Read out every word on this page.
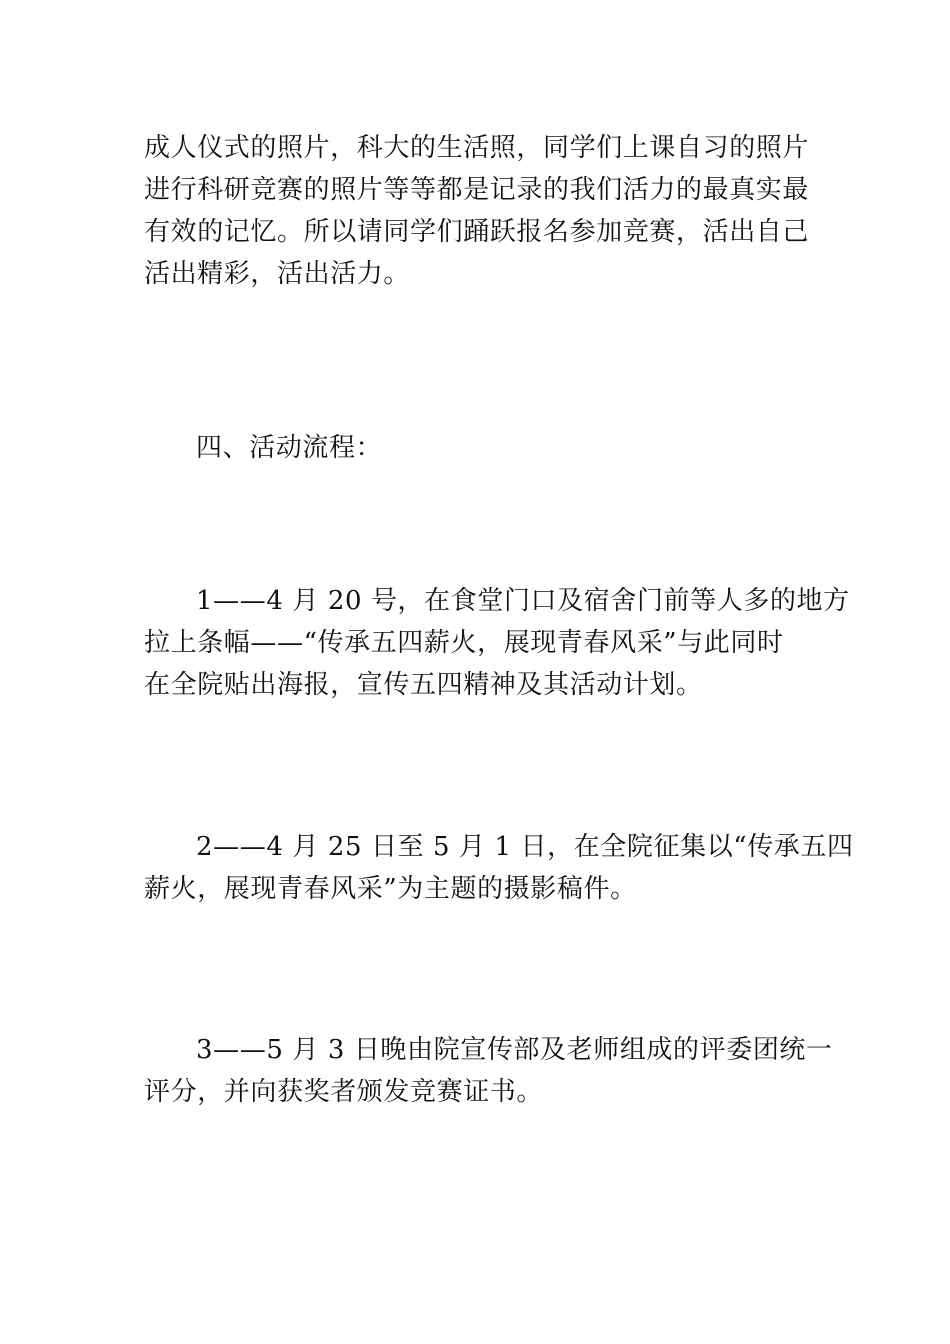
成人仪式的照片，科大的生活照，同学们上课自习的照片
进行科研竞赛的照片等等都是记录的我们活力的最真实最
有效的记忆。所以请同学们踊跃报名参加竞赛，活出自己
活出精彩，活出活力。

四、活动流程：

1——4 月 20 号，在食堂门口及宿舍门前等人多的地方
拉上条幅——“传承五四薪火，展现青春风采”与此同时
在全院贴出海报，宣传五四精神及其活动计划。

2——4 月 25 日至 5 月 1 日，在全院征集以“传承五四
薪火，展现青春风采”为主题的摄影稿件。

3——5 月 3 日晚由院宣传部及老师组成的评委团统一
评分，并向获奖者颁发竞赛证书。
